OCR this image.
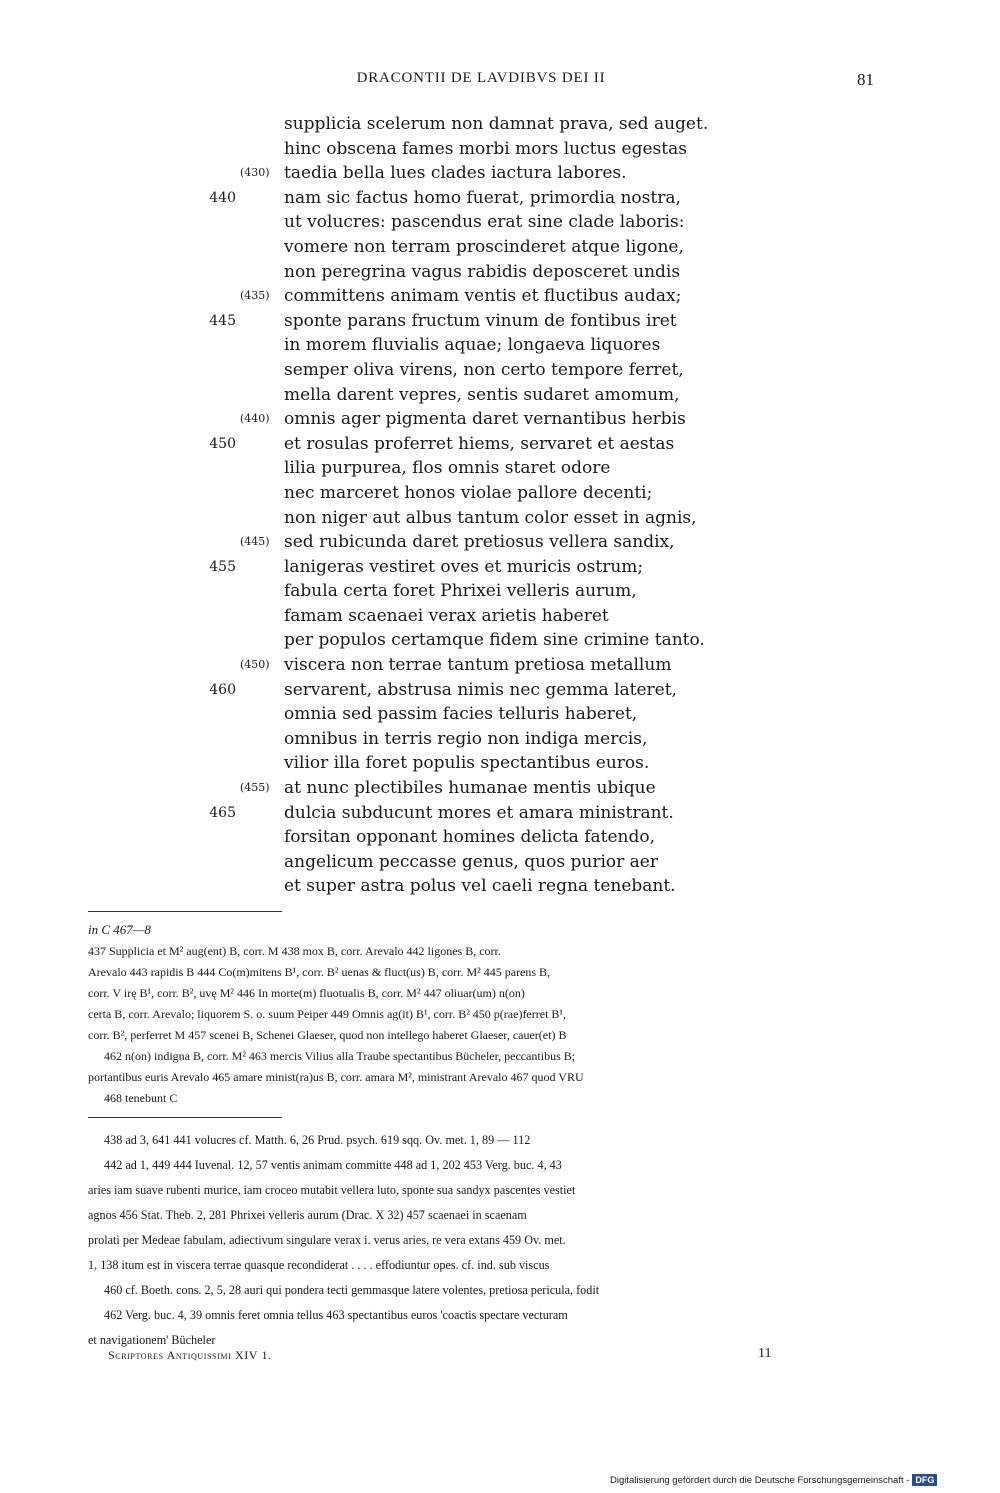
DRACONTII DE LAVDIBVS DEI II	81
supplicia scelerum non damnat prava, sed auget.
hinc obscena fames morbi mors luctus egestas
(430) taedia bella lues clades iactura labores.
440	nam sic factus homo fuerat, primordia nostra,
ut volucres: pascendus erat sine clade laboris:
vomere non terram proscinderet atque ligone,
non peregrina vagus rabidis deposceret undis
(435) committens animam ventis et fluctibus audax;
445	sponte parans fructum vinum de fontibus iret
in morem fluvialis aquae; longaeva liquores
semper oliva virens, non certo tempore ferret,
mella darent vepres, sentis sudaret amomum,
(440) omnis ager pigmenta daret vernantibus herbis
450	et rosulas proferret hiems, servaret et aestas
lilia purpurea, flos omnis staret odore
nec marceret honos violae pallore decenti;
non niger aut albus tantum color esset in agnis,
(445) sed rubicunda daret pretiosus vellera sandix,
455	lanigeras vestiret oves et muricis ostrum;
fabula certa foret Phrixei velleris aurum,
famam scaenaei verax arietis haberet
per populos certamque fidem sine crimine tanto.
(450) viscera non terrae tantum pretiosa metallum
460	servarent, abstrusa nimis nec gemma lateret,
omnia sed passim facies telluris haberet,
omnibus in terris regio non indiga mercis,
vilior illa foret populis spectantibus euros.
(455) at nunc plectibiles humanae mentis ubique
465	dulcia subducunt mores et amara ministrant.
forsitan opponant homines delicta fatendo,
angelicum peccasse genus, quos purior aer
et super astra polus vel caeli regna tenebant.
in C 467—8
437 Supplicia et M² aug(ent) B, corr. M 438 mox B, corr. Arevalo 442 ligones B, corr.
Arevalo 443 rapidis B 444 Co(m)mitens B¹, corr. B² uenas & fluct(us) B, corr. M² 445 parens B,
corr. V irę B¹, corr. B², uvę M² 446 In morte(m) fluotualis B, corr. M² 447 oliuar(um) n(on)
certa B, corr. Arevalo; liquorem S. o. suum Peiper 449 Omnis ag(it) B¹, corr. B² 450 p(rae)ferret B¹,
corr. B², perferret M 457 scenei B, Schenei Glaeser, quod non intellego haberet Glaeser, cauer(et) B
462 n(on) indigna B, corr. M² 463 mercis Vilius alla Traube spectantibus Bücheler, peccantibus B;
portantibus euris Arevalo 465 amare minist(ra)us B, corr. amara M², ministrant Arevalo 467 quod VRU
468 tenebunt C
438 ad 3, 641 441 volucres cf. Matth. 6, 26 Prud. psych. 619 sqq. Ov. met. 1, 89 — 112
442 ad 1, 449 444 Iuvenal. 12, 57 ventis animam committe 448 ad 1, 202 453 Verg. buc. 4, 43
aries iam suave rubenti murice, iam croceo mutabit vellera luto, sponte sua sandyx pascentes vestiet
agnos 456 Stat. Theb. 2, 281 Phrixei velleris aurum (Drac. X 32) 457 scaenaei in scaenam
prolati per Medeae fabulam, adiectivum singulare verax i. verus aries, re vera extans 459 Ov. met.
1, 138 itum est in viscera terrae quasque recondiderat . . . . effodiuntur opes. cf. ind. sub viscus
460 cf. Boeth. cons. 2, 5, 28 auri qui pondera tecti gemmasque latere volentes, pretiosa pericula, fodit
462 Verg. buc. 4, 39 omnis feret omnia tellus 463 spectantibus euros 'coactis spectare vecturam
et navigationem' Bücheler
Scriptores Antiquissimi XIV 1.	11
Digitalisierung gefördert durch die Deutsche Forschungsgemeinschaft - DFG
